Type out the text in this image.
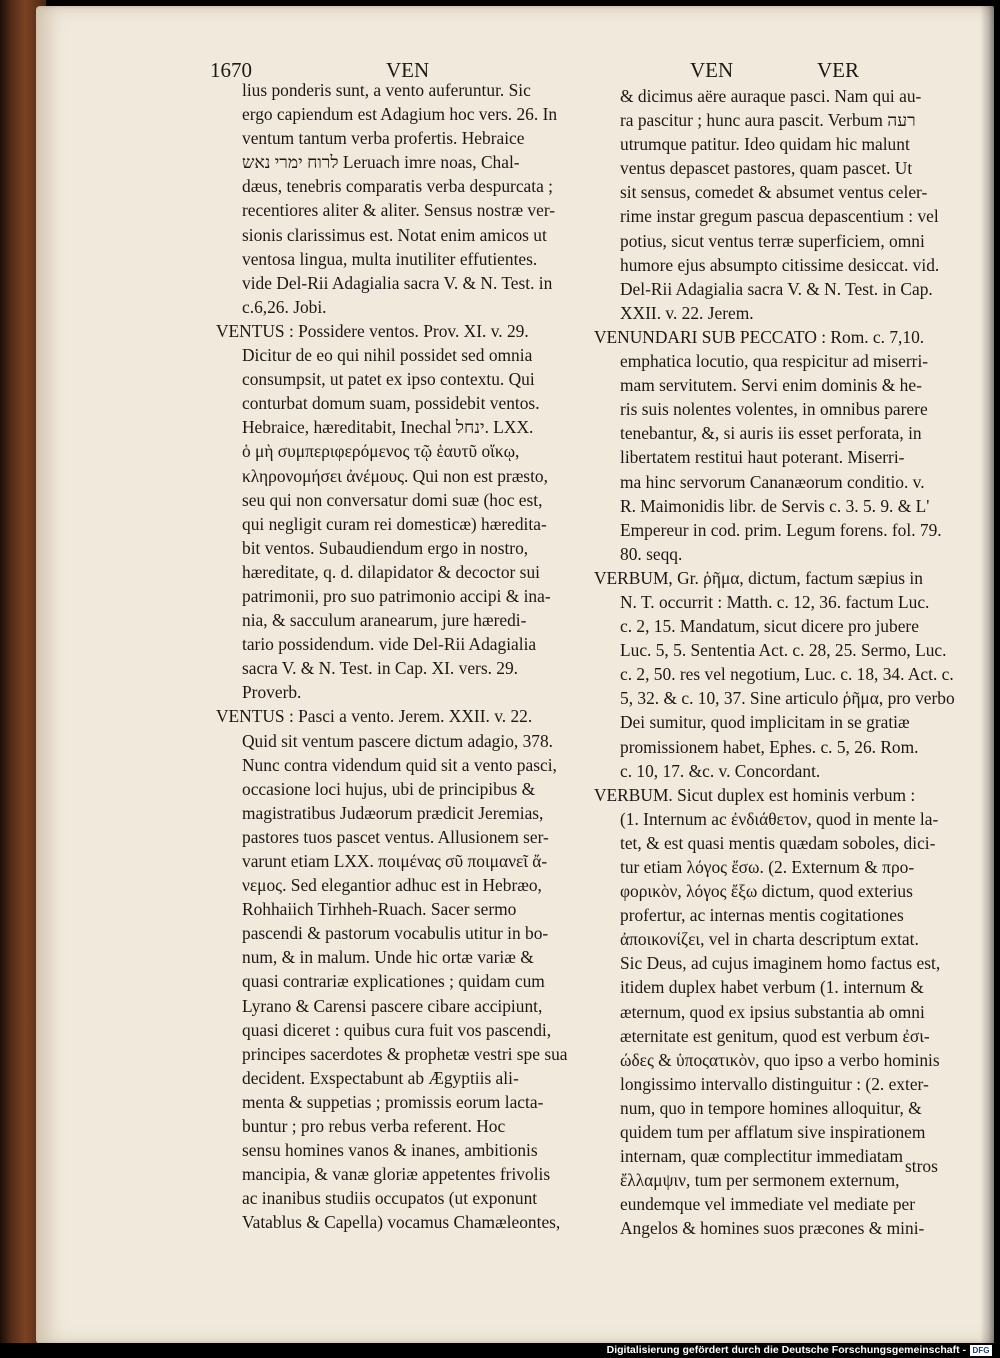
1670	VEN	VEN	VER

lius ponderis sunt, a vento auferuntur. Sic

ergo capiendum est Adagium hoc vers. 26. In

ventum tantum verba profertis. Hebraice

לרוח ימרי נאש Leruach imre noas, Chal-

dæus, tenebris comparatis verba despurcata ;

recentiores aliter & aliter. Sensus nostræ ver-

sionis clarissimus est. Notat enim amicos ut

ventosa lingua, multa inutiliter effutientes.

vide Del-Rii Adagialia sacra V. & N. Test. in

c.6,26. Jobi.

VENTUS : Possidere ventos. Prov. XI. v. 29.

Dicitur de eo qui nihil possidet sed omnia

consumpsit, ut patet ex ipso contextu. Qui

conturbat domum suam, possidebit ventos.

Hebraice, hæreditabit, Inechal ינחל. LXX.

ὁ μὴ συμπεριφερόμενος τῷ ἑαυτῦ οἴκῳ,

κληρονομήσει ἀνέμους. Qui non est præsto,

seu qui non conversatur domi suæ (hoc est,

qui negligit curam rei domesticæ) hæredita-

bit ventos. Subaudiendum ergo in nostro,

hæreditate, q. d. dilapidator & decoctor sui

patrimonii, pro suo patrimonio accipi & ina-

nia, & sacculum aranearum, jure hæredi-

tario possidendum. vide Del-Rii Adagialia

sacra V. & N. Test. in Cap. XI. vers. 29.

Proverb.

VENTUS : Pasci a vento. Jerem. XXII. v. 22.

Quid sit ventum pascere dictum adagio, 378.

Nunc contra videndum quid sit a vento pasci,

occasione loci hujus, ubi de principibus &

magistratibus Judæorum prædicit Jeremias,

pastores tuos pascet ventus. Allusionem ser-

varunt etiam LXX. ποιμένας σῦ ποιμανεῖ ἄ-

νεμος. Sed elegantior adhuc est in Hebræo,

Rohhaiich Tirhheh-Ruach. Sacer sermo

pascendi & pastorum vocabulis utitur in bo-

num, & in malum. Unde hic ortæ variæ &

quasi contrariæ explicationes ; quidam cum

Lyrano & Carensi pascere cibare accipiunt,

quasi diceret : quibus cura fuit vos pascendi,

principes sacerdotes & prophetæ vestri spe sua

decident. Exspectabunt ab Ægyptiis ali-

menta & suppetias ; promissis eorum lacta-

buntur ; pro rebus verba referent. Hoc

sensu homines vanos & inanes, ambitionis

mancipia, & vanæ gloriæ appetentes frivolis

ac inanibus studiis occupatos (ut exponunt

Vatablus & Capella) vocamus Chamæleontes,

& dicimus aëre auraque pasci. Nam qui au-

ra pascitur ; hunc aura pascit. Verbum רעה

utrumque patitur. Ideo quidam hic malunt

ventus depascet pastores, quam pascet. Ut

sit sensus, comedet & absumet ventus celer-

rime instar gregum pascua depascentium : vel

potius, sicut ventus terræ superficiem, omni

humore ejus absumpto citissime desiccat. vid.

Del-Rii Adagialia sacra V. & N. Test. in Cap.

XXII. v. 22. Jerem.

VENUNDARI SUB PECCATO : Rom. c. 7,10.

emphatica locutio, qua respicitur ad miserri-

mam servitutem. Servi enim dominis & he-

ris suis nolentes volentes, in omnibus parere

tenebantur, &, si auris iis esset perforata, in

libertatem restitui haut poterant. Miserri-

ma hinc servorum Cananæorum conditio. v.

R. Maimonidis libr. de Servis c. 3. 5. 9. & L'

Empereur in cod. prim. Legum forens. fol. 79.

80. seqq.

VERBUM, Gr. ῥῆμα, dictum, factum sæpius in

N. T. occurrit : Matth. c. 12, 36. factum Luc.

c. 2, 15. Mandatum, sicut dicere pro jubere

Luc. 5, 5. Sententia Act. c. 28, 25. Sermo, Luc.

c. 2, 50. res vel negotium, Luc. c. 18, 34. Act. c.

5, 32. & c. 10, 37. Sine articulo ῥῆμα, pro verbo

Dei sumitur, quod implicitam in se gratiæ

promissionem habet, Ephes. c. 5, 26. Rom.

c. 10, 17. &c. v. Concordant.

VERBUM. Sicut duplex est hominis verbum :

(1. Internum ac ἐνδιάθετον, quod in mente la-

tet, & est quasi mentis quædam soboles, dici-

tur etiam λόγος ἔσω. (2. Externum & προ-

φορικὸν, λόγος ἔξω dictum, quod exterius

profertur, ac internas mentis cogitationes

ἀποικονίζει, vel in charta descriptum extat.

Sic Deus, ad cujus imaginem homo factus est,

itidem duplex habet verbum (1. internum &

æternum, quod ex ipsius substantia ab omni

æternitate est genitum, quod est verbum ἐσι-

ώδες & ὑποςατικὸν, quo ipso a verbo hominis

longissimo intervallo distinguitur : (2. exter-

num, quo in tempore homines alloquitur, &

quidem tum per afflatum sive inspirationem

internam, quæ complectitur immediatam

ἔλλαμψιν, tum per sermonem externum,

eundemque vel immediate vel mediate per

Angelos & homines suos præcones & mini-

stros

Digitalisierung gefördert durch die Deutsche Forschungsgemeinschaft - DFG
